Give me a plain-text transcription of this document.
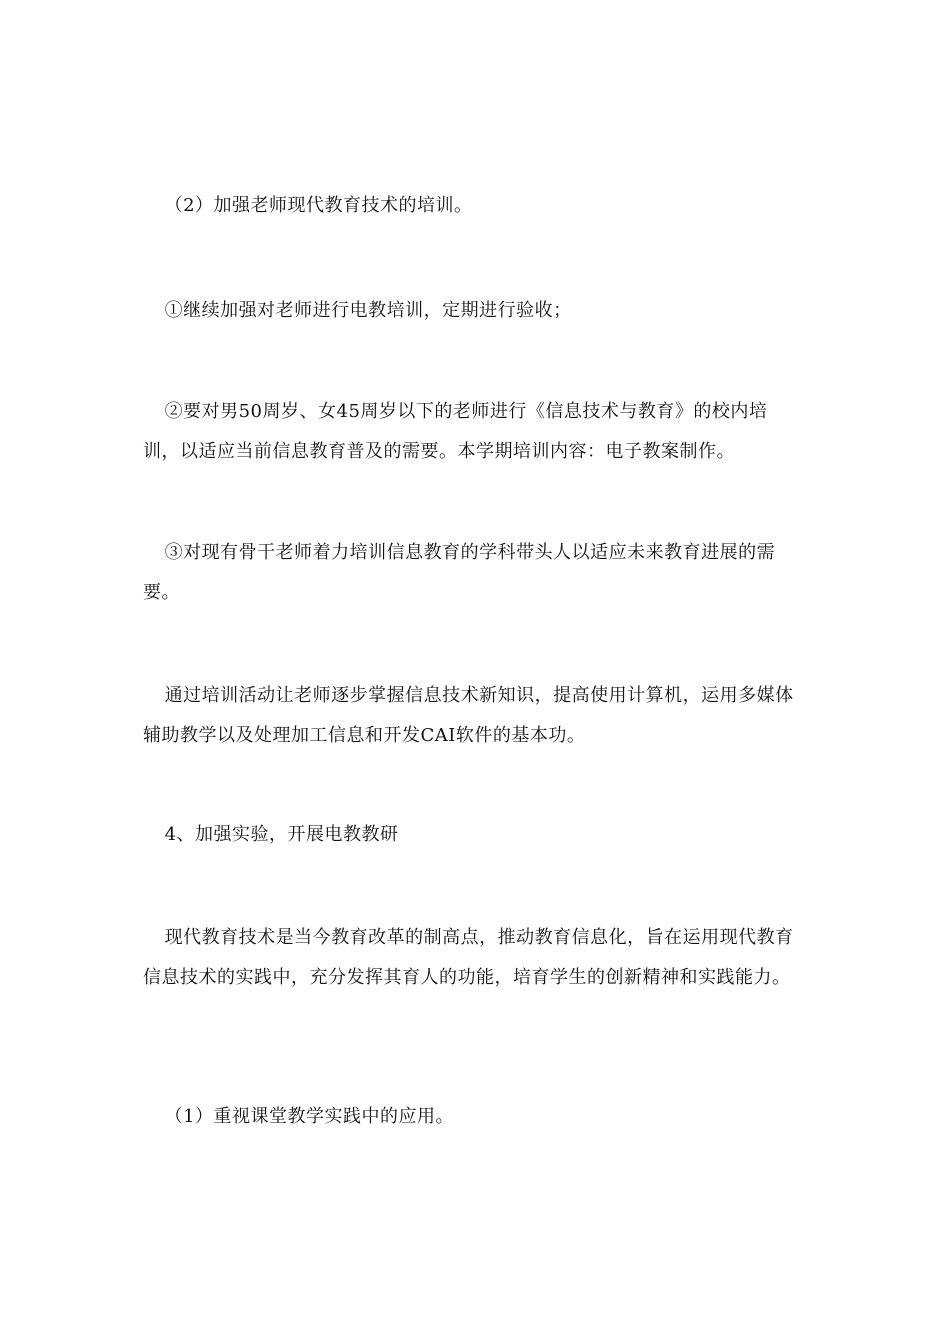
（2）加强老师现代教育技术的培训。

①继续加强对老师进行电教培训，定期进行验收；

②要对男50周岁、女45周岁以下的老师进行《信息技术与教育》的校内培训，以适应当前信息教育普及的需要。本学期培训内容：电子教案制作。

③对现有骨干老师着力培训信息教育的学科带头人以适应未来教育进展的需要。

通过培训活动让老师逐步掌握信息技术新知识，提高使用计算机，运用多媒体辅助教学以及处理加工信息和开发CAI软件的基本功。

4、加强实验，开展电教教研

现代教育技术是当今教育改革的制高点，推动教育信息化，旨在运用现代教育信息技术的实践中，充分发挥其育人的功能，培育学生的创新精神和实践能力。

（1）重视课堂教学实践中的应用。
